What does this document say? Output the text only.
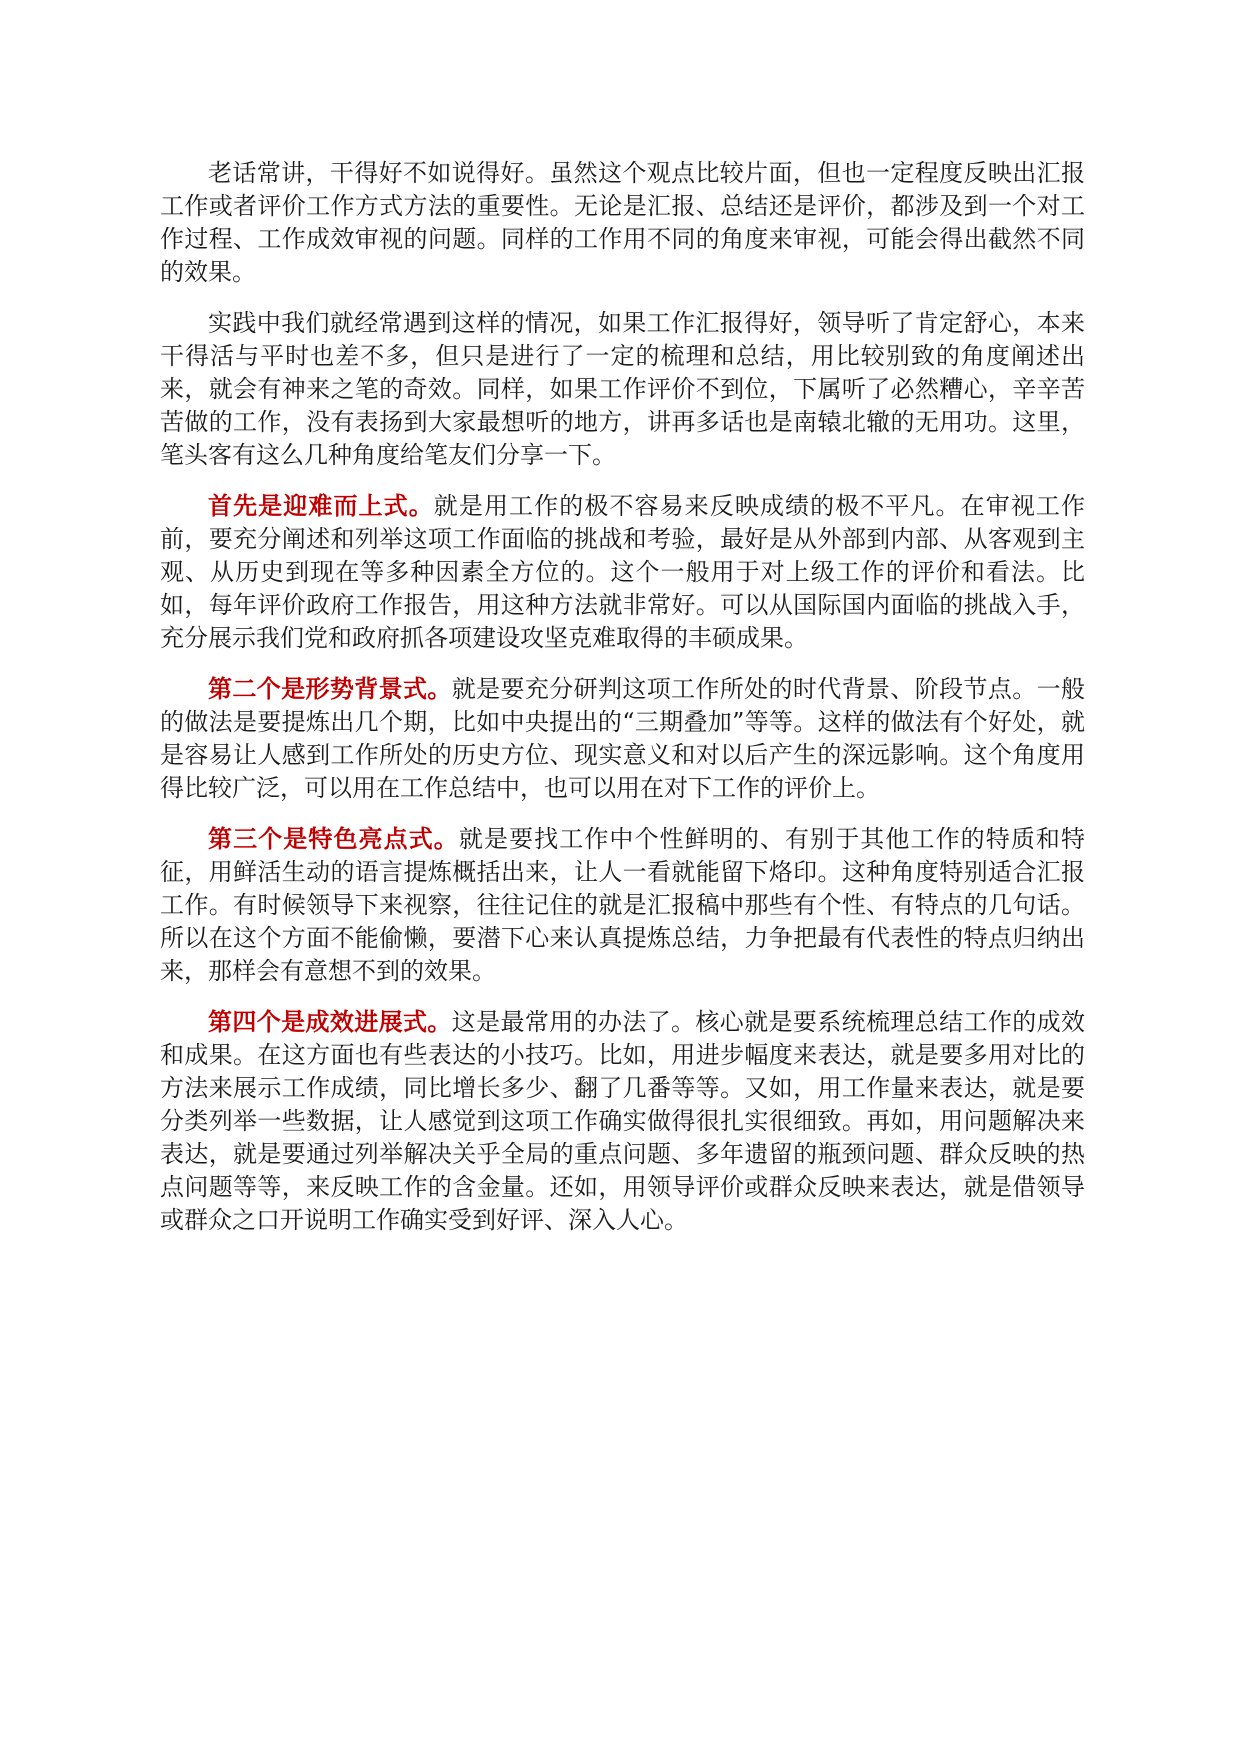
老话常讲，干得好不如说得好。虽然这个观点比较片面，但也一定程度反映出汇报工作或者评价工作方式方法的重要性。无论是汇报、总结还是评价，都涉及到一个对工作过程、工作成效审视的问题。同样的工作用不同的角度来审视，可能会得出截然不同的效果。

实践中我们就经常遇到这样的情况，如果工作汇报得好，领导听了肯定舒心，本来干得活与平时也差不多，但只是进行了一定的梳理和总结，用比较别致的角度阐述出来，就会有神来之笔的奇效。同样，如果工作评价不到位，下属听了必然糟心，辛辛苦苦做的工作，没有表扬到大家最想听的地方，讲再多话也是南辕北辙的无用功。这里，笔头客有这么几种角度给笔友们分享一下。

首先是迎难而上式。就是用工作的极不容易来反映成绩的极不平凡。在审视工作前，要充分阐述和列举这项工作面临的挑战和考验，最好是从外部到内部、从客观到主观、从历史到现在等多种因素全方位的。这个一般用于对上级工作的评价和看法。比如，每年评价政府工作报告，用这种方法就非常好。可以从国际国内面临的挑战入手，充分展示我们党和政府抓各项建设攻坚克难取得的丰硕成果。

第二个是形势背景式。就是要充分研判这项工作所处的时代背景、阶段节点。一般的做法是要提炼出几个期，比如中央提出的“三期叠加”等等。这样的做法有个好处，就是容易让人感到工作所处的历史方位、现实意义和对以后产生的深远影响。这个角度用得比较广泛，可以用在工作总结中，也可以用在对下工作的评价上。

第三个是特色亮点式。就是要找工作中个性鲜明的、有别于其他工作的特质和特征，用鲜活生动的语言提炼概括出来，让人一看就能留下烙印。这种角度特别适合汇报工作。有时候领导下来视察，往往记住的就是汇报稿中那些有个性、有特点的几句话。所以在这个方面不能偷懒，要潜下心来认真提炼总结，力争把最有代表性的特点归纳出来，那样会有意想不到的效果。

第四个是成效进展式。这是最常用的办法了。核心就是要系统梳理总结工作的成效和成果。在这方面也有些表达的小技巧。比如，用进步幅度来表达，就是要多用对比的方法来展示工作成绩，同比增长多少、翻了几番等等。又如，用工作量来表达，就是要分类列举一些数据，让人感觉到这项工作确实做得很扎实很细致。再如，用问题解决来表达，就是要通过列举解决关乎全局的重点问题、多年遗留的瓶颈问题、群众反映的热点问题等等，来反映工作的含金量。还如，用领导评价或群众反映来表达，就是借领导或群众之口开说明工作确实受到好评、深入人心。
